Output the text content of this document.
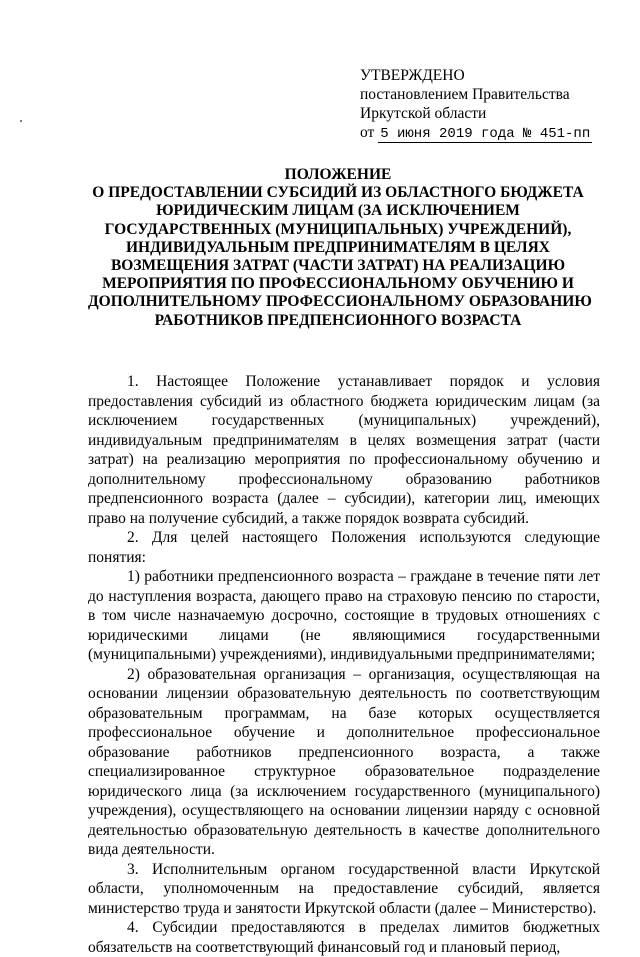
УТВЕРЖДЕНО
постановлением Правительства
Иркутской области
от 5 июня 2019 года № 451-пп
ПОЛОЖЕНИЕ
О ПРЕДОСТАВЛЕНИИ СУБСИДИЙ ИЗ ОБЛАСТНОГО БЮДЖЕТА
ЮРИДИЧЕСКИМ ЛИЦАМ (ЗА ИСКЛЮЧЕНИЕМ
ГОСУДАРСТВЕННЫХ (МУНИЦИПАЛЬНЫХ) УЧРЕЖДЕНИЙ),
ИНДИВИДУАЛЬНЫМ ПРЕДПРИНИМАТЕЛЯМ В ЦЕЛЯХ
ВОЗМЕЩЕНИЯ ЗАТРАТ (ЧАСТИ ЗАТРАТ) НА РЕАЛИЗАЦИЮ
МЕРОПРИЯТИЯ ПО ПРОФЕССИОНАЛЬНОМУ ОБУЧЕНИЮ И
ДОПОЛНИТЕЛЬНОМУ ПРОФЕССИОНАЛЬНОМУ ОБРАЗОВАНИЮ
РАБОТНИКОВ ПРЕДПЕНСИОННОГО ВОЗРАСТА

1. Настоящее Положение устанавливает порядок и условия предоставления субсидий из областного бюджета юридическим лицам (за исключением государственных (муниципальных) учреждений), индивидуальным предпринимателям в целях возмещения затрат (части затрат) на реализацию мероприятия по профессиональному обучению и дополнительному профессиональному образованию работников предпенсионного возраста (далее – субсидии), категории лиц, имеющих право на получение субсидий, а также порядок возврата субсидий.

2. Для целей настоящего Положения используются следующие понятия:

1) работники предпенсионного возраста – граждане в течение пяти лет до наступления возраста, дающего право на страховую пенсию по старости, в том числе назначаемую досрочно, состоящие в трудовых отношениях с юридическими лицами (не являющимися государственными (муниципальными) учреждениями), индивидуальными предпринимателями;

2) образовательная организация – организация, осуществляющая на основании лицензии образовательную деятельность по соответствующим образовательным программам, на базе которых осуществляется профессиональное обучение и дополнительное профессиональное образование работников предпенсионного возраста, а также специализированное структурное образовательное подразделение юридического лица (за исключением государственного (муниципального) учреждения), осуществляющего на основании лицензии наряду с основной деятельностью образовательную деятельность в качестве дополнительного вида деятельности.

3. Исполнительным органом государственной власти Иркутской области, уполномоченным на предоставление субсидий, является министерство труда и занятости Иркутской области (далее – Министерство).

4. Субсидии предоставляются в пределах лимитов бюджетных обязательств на соответствующий финансовый год и плановый период,
